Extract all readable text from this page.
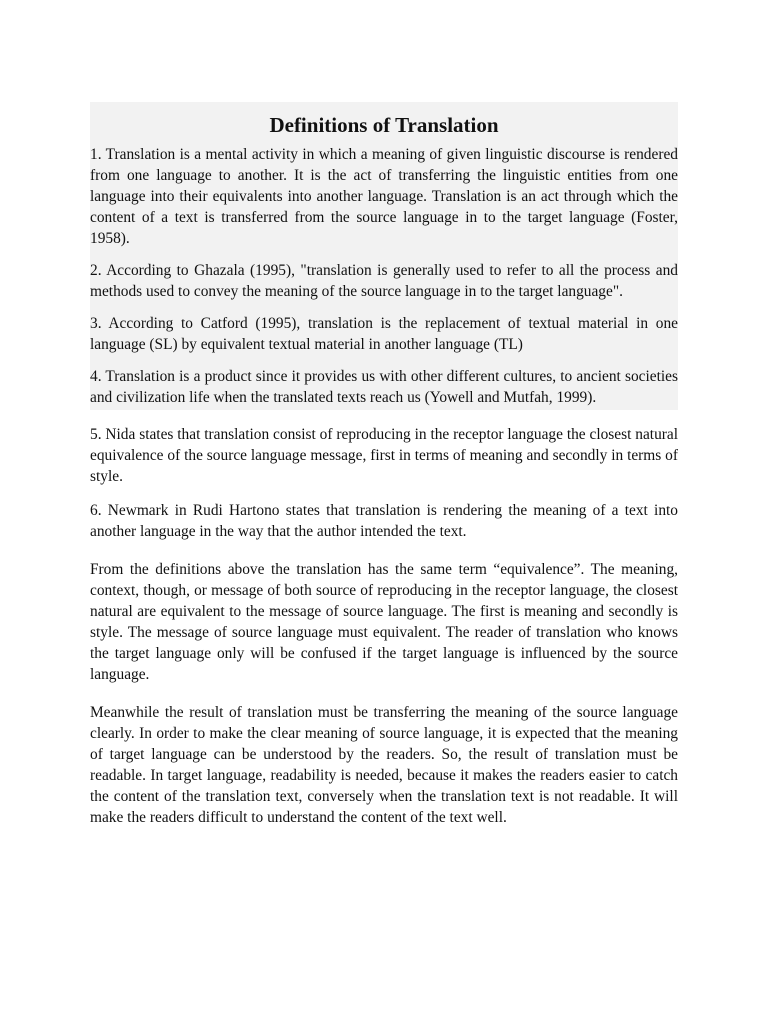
Definitions of Translation

1. Translation is a mental activity in which a meaning of given linguistic discourse is rendered from one language to another. It is the act of transferring the linguistic entities from one language into their equivalents into another language. Translation is an act through which the content of a text is transferred from the source language in to the target language (Foster, 1958).

2. According to Ghazala (1995), "translation is generally used to refer to all the process and methods used to convey the meaning of the source language in to the target language".

3. According to Catford (1995), translation is the replacement of textual material in one language (SL) by equivalent textual material in another language (TL)

4. Translation is a product since it provides us with other different cultures, to ancient societies and civilization life when the translated texts reach us (Yowell and Mutfah, 1999).

5. Nida states that translation consist of reproducing in the receptor language the closest natural equivalence of the source language message, first in terms of meaning and secondly in terms of style.

6. Newmark in Rudi Hartono states that translation is rendering the meaning of a text into another language in the way that the author intended the text.

From the definitions above the translation has the same term “equivalence”. The meaning, context, though, or message of both source of reproducing in the receptor language, the closest natural are equivalent to the message of source language. The first is meaning and secondly is style. The message of source language must equivalent. The reader of translation who knows the target language only will be confused if the target language is influenced by the source language.

Meanwhile the result of translation must be transferring the meaning of the source language clearly. In order to make the clear meaning of source language, it is expected that the meaning of target language can be understood by the readers. So, the result of translation must be readable. In target language, readability is needed, because it makes the readers easier to catch the content of the translation text, conversely when the translation text is not readable. It will make the readers difficult to understand the content of the text well.
